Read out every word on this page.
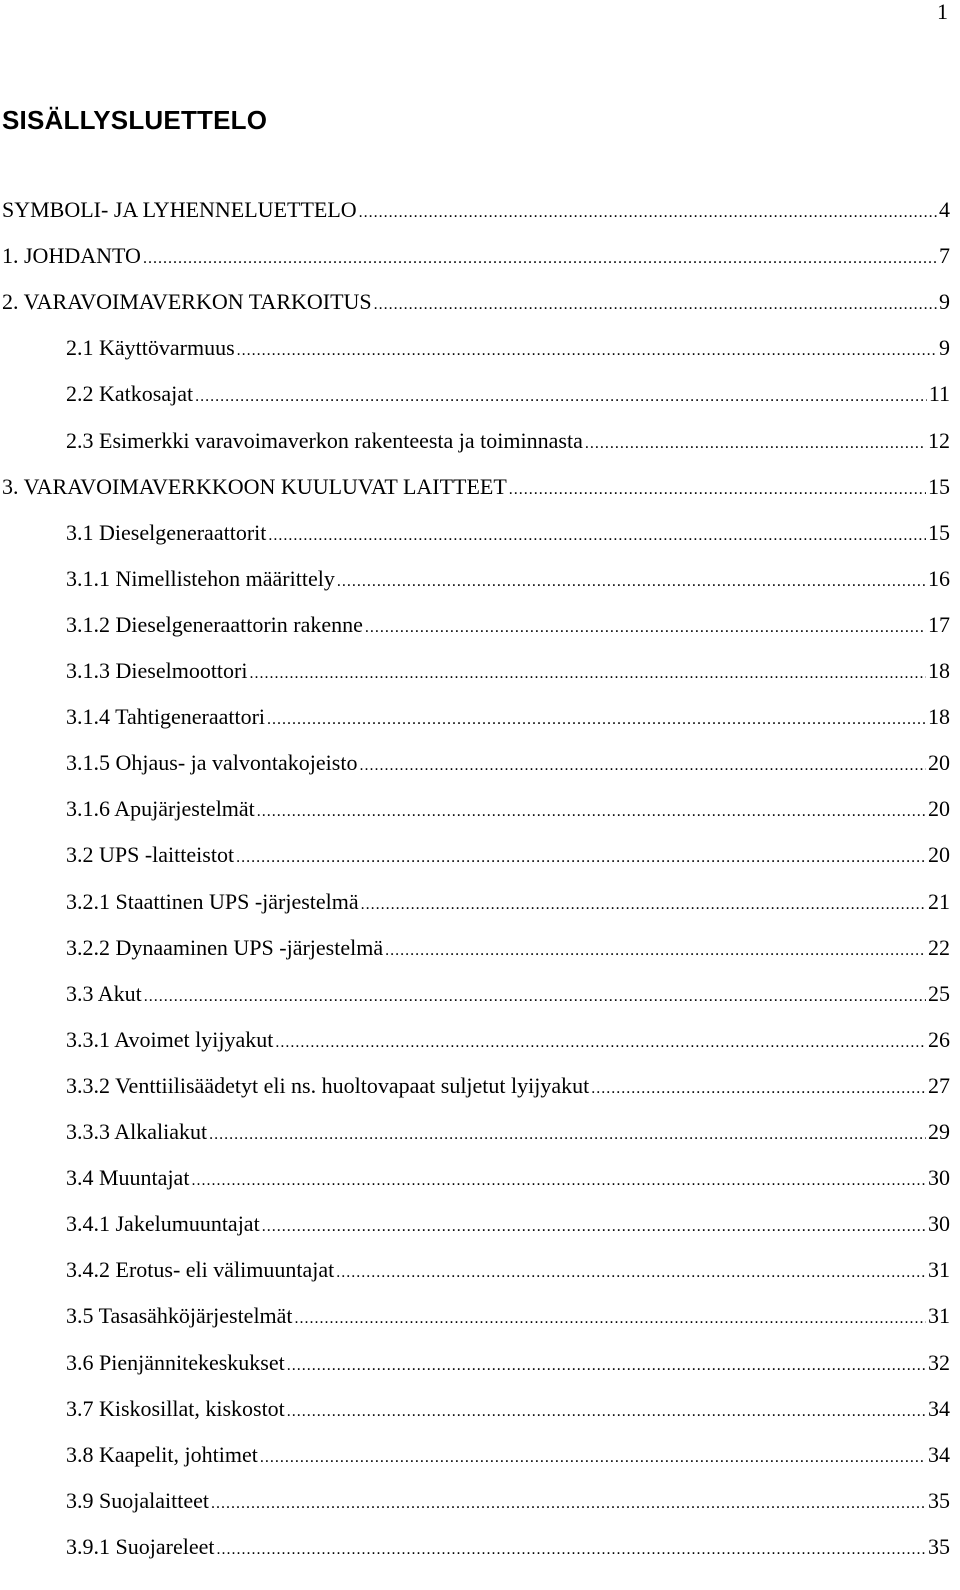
1
SISÄLLYSLUETTELO
SYMBOLI- JA LYHENNELUETTELO .....	4
1. JOHDANTO .....	7
2. VARAVOIMAVERKON TARKOITUS .....	9
2.1 Käyttövarmuus .....	9
2.2 Katkosajat .....	11
2.3 Esimerkki varavoimaverkon rakenteesta ja toiminnasta .....	12
3. VARAVOIMAVERKKOON KUULUVAT LAITTEET .....	15
3.1 Dieselgeneraattorit .....	15
3.1.1 Nimellistehon määrittely .....	16
3.1.2 Dieselgeneraattorin rakenne .....	17
3.1.3 Dieselmoottori .....	18
3.1.4 Tahtigeneraattori .....	18
3.1.5 Ohjaus- ja valvontakojeisto .....	20
3.1.6 Apujärjestelmät .....	20
3.2 UPS -laitteistot .....	20
3.2.1 Staattinen UPS -järjestelmä .....	21
3.2.2 Dynaaminen UPS -järjestelmä .....	22
3.3 Akut .....	25
3.3.1 Avoimet lyijyakut .....	26
3.3.2 Venttiilisäädetyt eli ns. huoltovapaat suljetut lyijyakut .....	27
3.3.3 Alkaliakut .....	29
3.4 Muuntajat .....	30
3.4.1 Jakelumuuntajat .....	30
3.4.2 Erotus- eli välimuuntajat .....	31
3.5 Tasasähköjärjestelmät .....	31
3.6 Pienjännitekeskukset .....	32
3.7 Kiskosillat, kiskostot .....	34
3.8 Kaapelit, johtimet .....	34
3.9 Suojalaitteet .....	35
3.9.1 Suojareleet .....	35
